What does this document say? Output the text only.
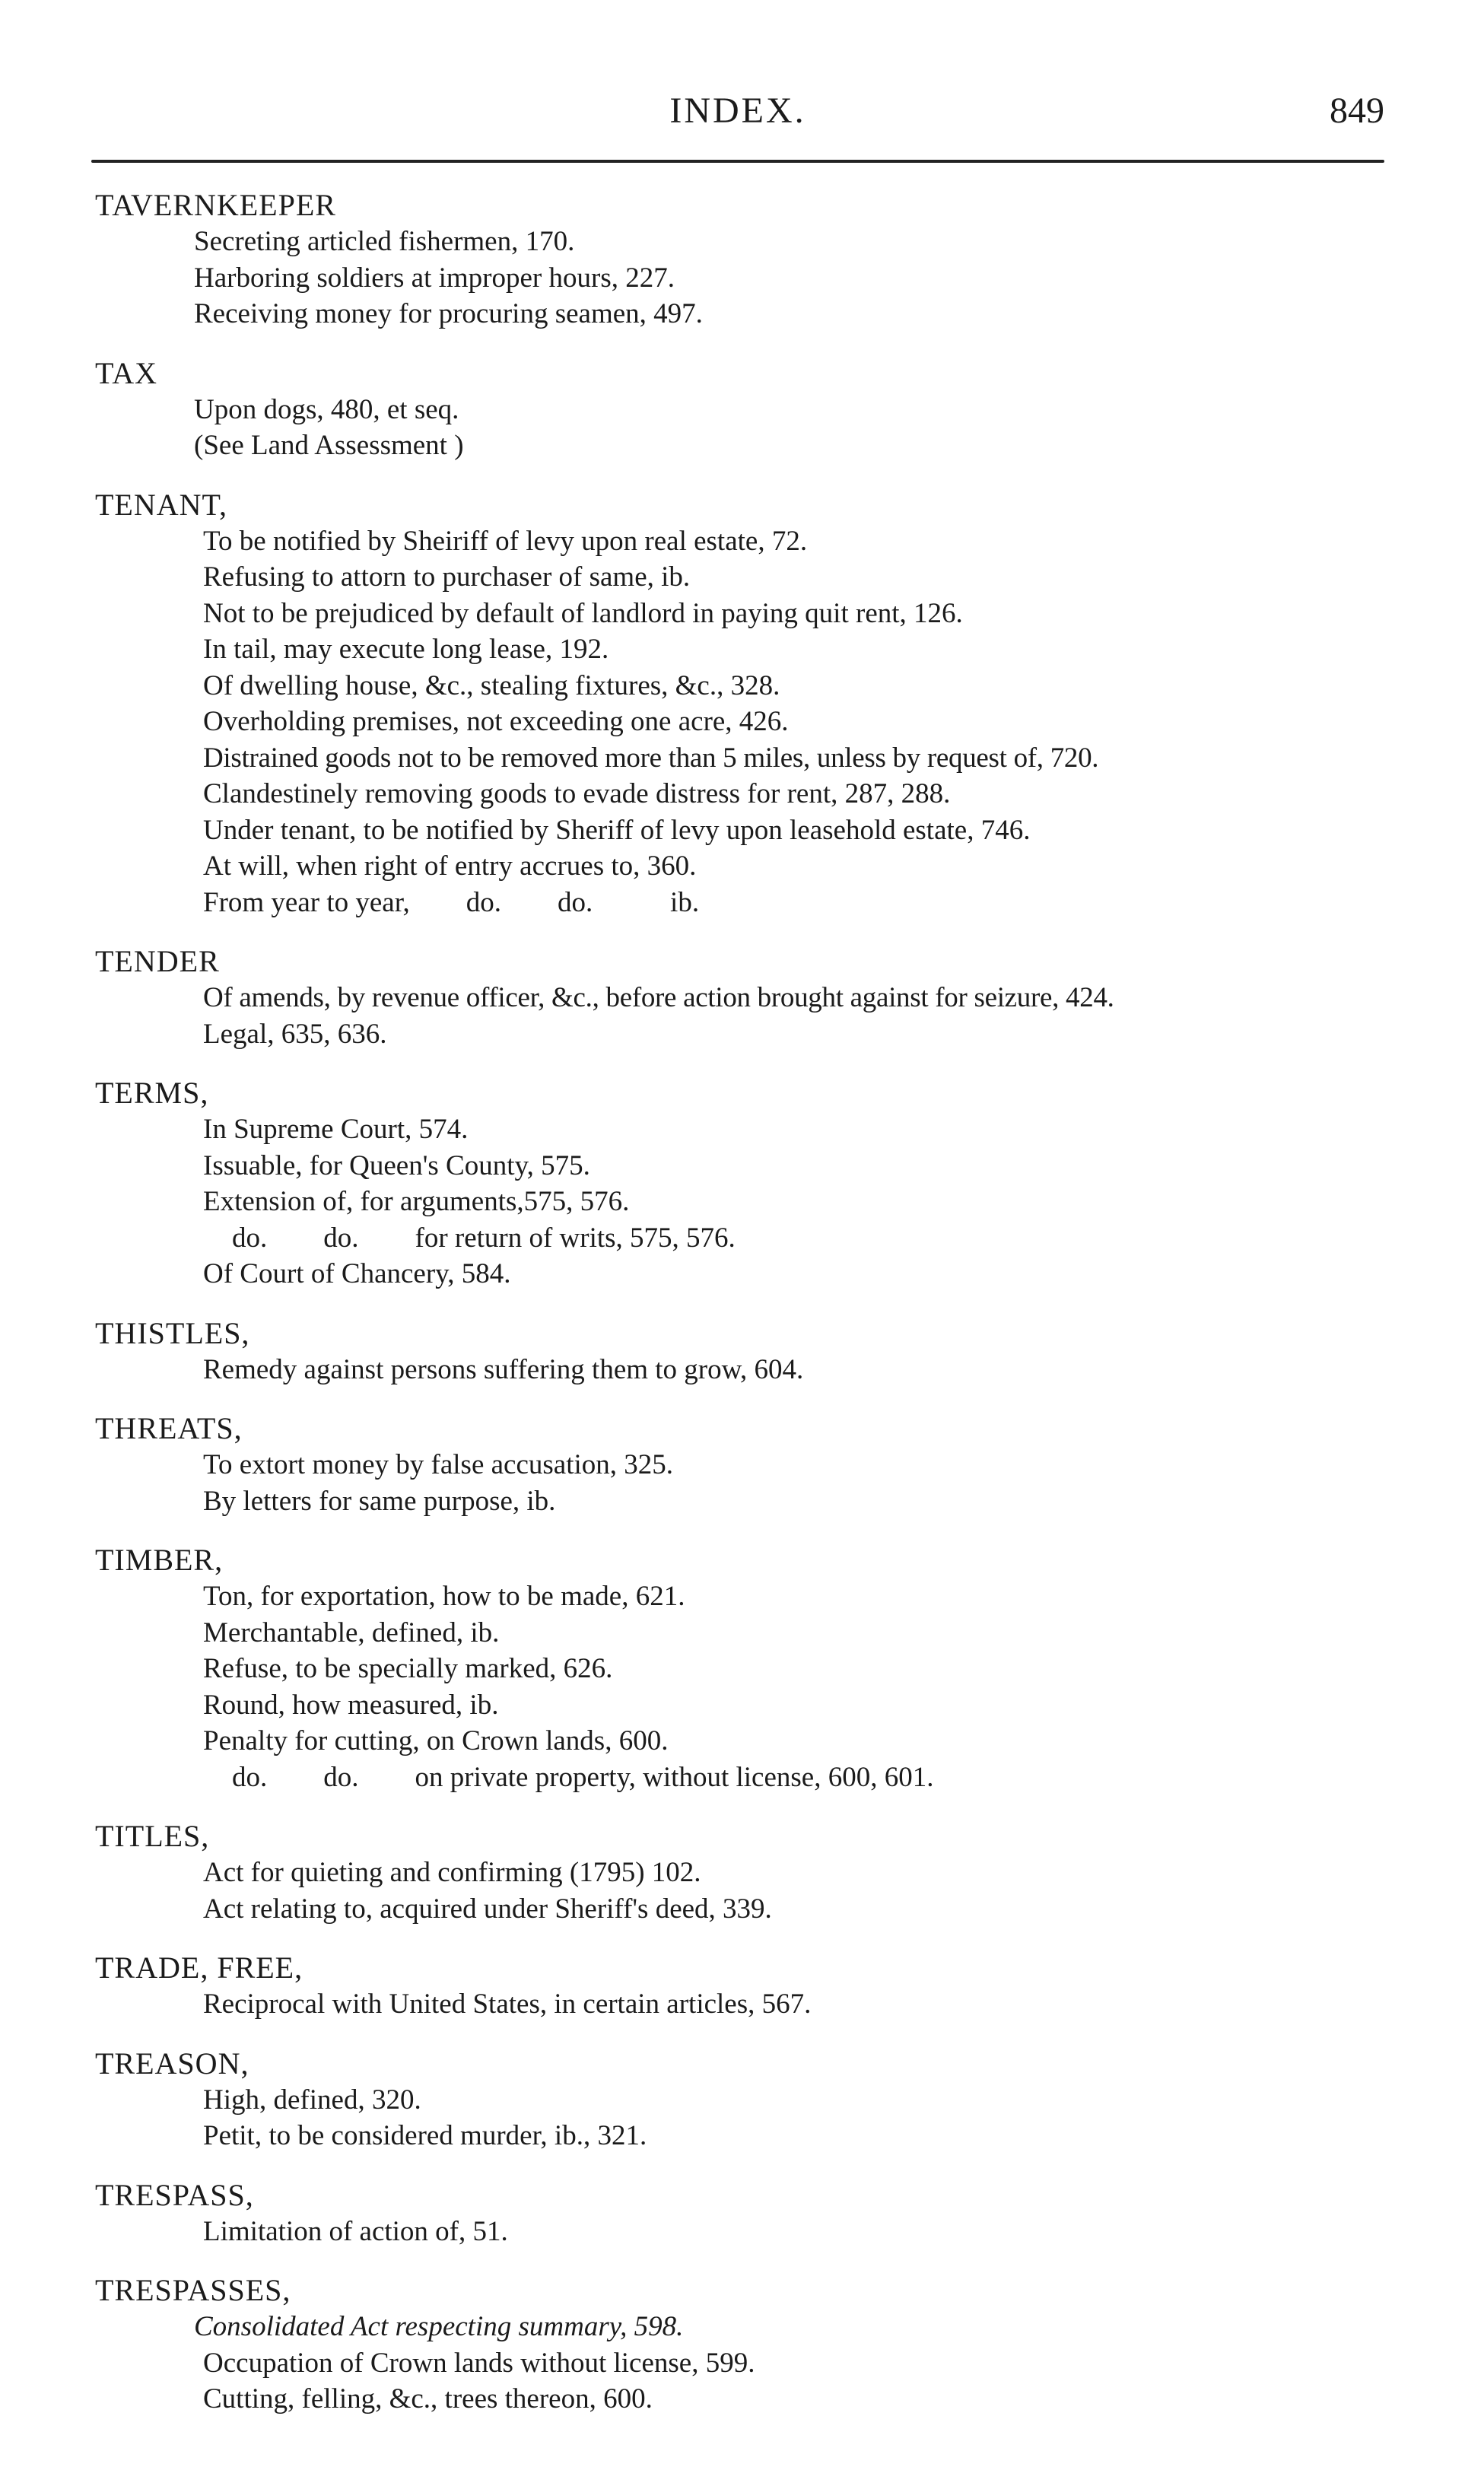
INDEX.	849
TAVERNKEEPER
Secreting articled fishermen, 170.
Harboring soldiers at improper hours, 227.
Receiving money for procuring seamen, 497.
TAX
Upon dogs, 480, et seq.
(See Land Assessment )
TENANT,
To be notified by Sheiriff of levy upon real estate, 72.
Refusing to attorn to purchaser of same, ib.
Not to be prejudiced by default of landlord in paying quit rent, 126.
In tail, may execute long lease, 192.
Of dwelling house, &c., stealing fixtures, &c., 328.
Overholding premises, not exceeding one acre, 426.
Distrained goods not to be removed more than 5 miles, unless by request of, 720.
Clandestinely removing goods to evade distress for rent, 287, 288.
Under tenant, to be notified by Sheriff of levy upon leasehold estate, 746.
At will, when right of entry accrues to, 360.
From year to year,        do.        do.           ib.
TENDER
Of amends, by revenue officer, &c., before action brought against for seizure, 424.
Legal, 635, 636.
TERMS,
In Supreme Court, 574.
Issuable, for Queen's County, 575.
Extension of, for arguments,575, 576.
do.        do.        for return of writs, 575, 576.
Of Court of Chancery, 584.
THISTLES,
Remedy against persons suffering them to grow, 604.
THREATS,
To extort money by false accusation, 325.
By letters for same purpose, ib.
TIMBER,
Ton, for exportation, how to be made, 621.
Merchantable, defined, ib.
Refuse, to be specially marked, 626.
Round, how measured, ib.
Penalty for cutting, on Crown lands, 600.
do.        do.        on private property, without license, 600, 601.
TITLES,
Act for quieting and confirming (1795) 102.
Act relating to, acquired under Sheriff's deed, 339.
TRADE, FREE,
Reciprocal with United States, in certain articles, 567.
TREASON,
High, defined, 320.
Petit, to be considered murder, ib., 321.
TRESPASS,
Limitation of action of, 51.
TRESPASSES,
Consolidated Act respecting summary, 598.
Occupation of Crown lands without license, 599.
Cutting, felling, &c., trees thereon, 600.
